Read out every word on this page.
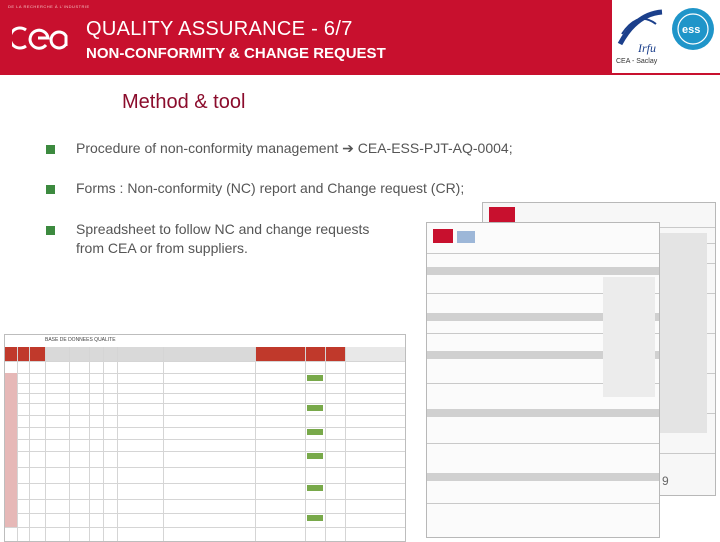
DE LA RECHERCHE À L'INDUSTRIE
QUALITY ASSURANCE - 6/7
NON-CONFORMITY & CHANGE REQUEST	Irfu
CEA - Saclay
ess
Method & tool
Procedure of non-conformity management ➔ CEA-ESS-PJT-AQ-0004;
Forms : Non-conformity (NC) report and Change request (CR);
Spreadsheet to follow NC and change requests
from CEA or from suppliers.
BASE DE DONNEES QUALITE
9
